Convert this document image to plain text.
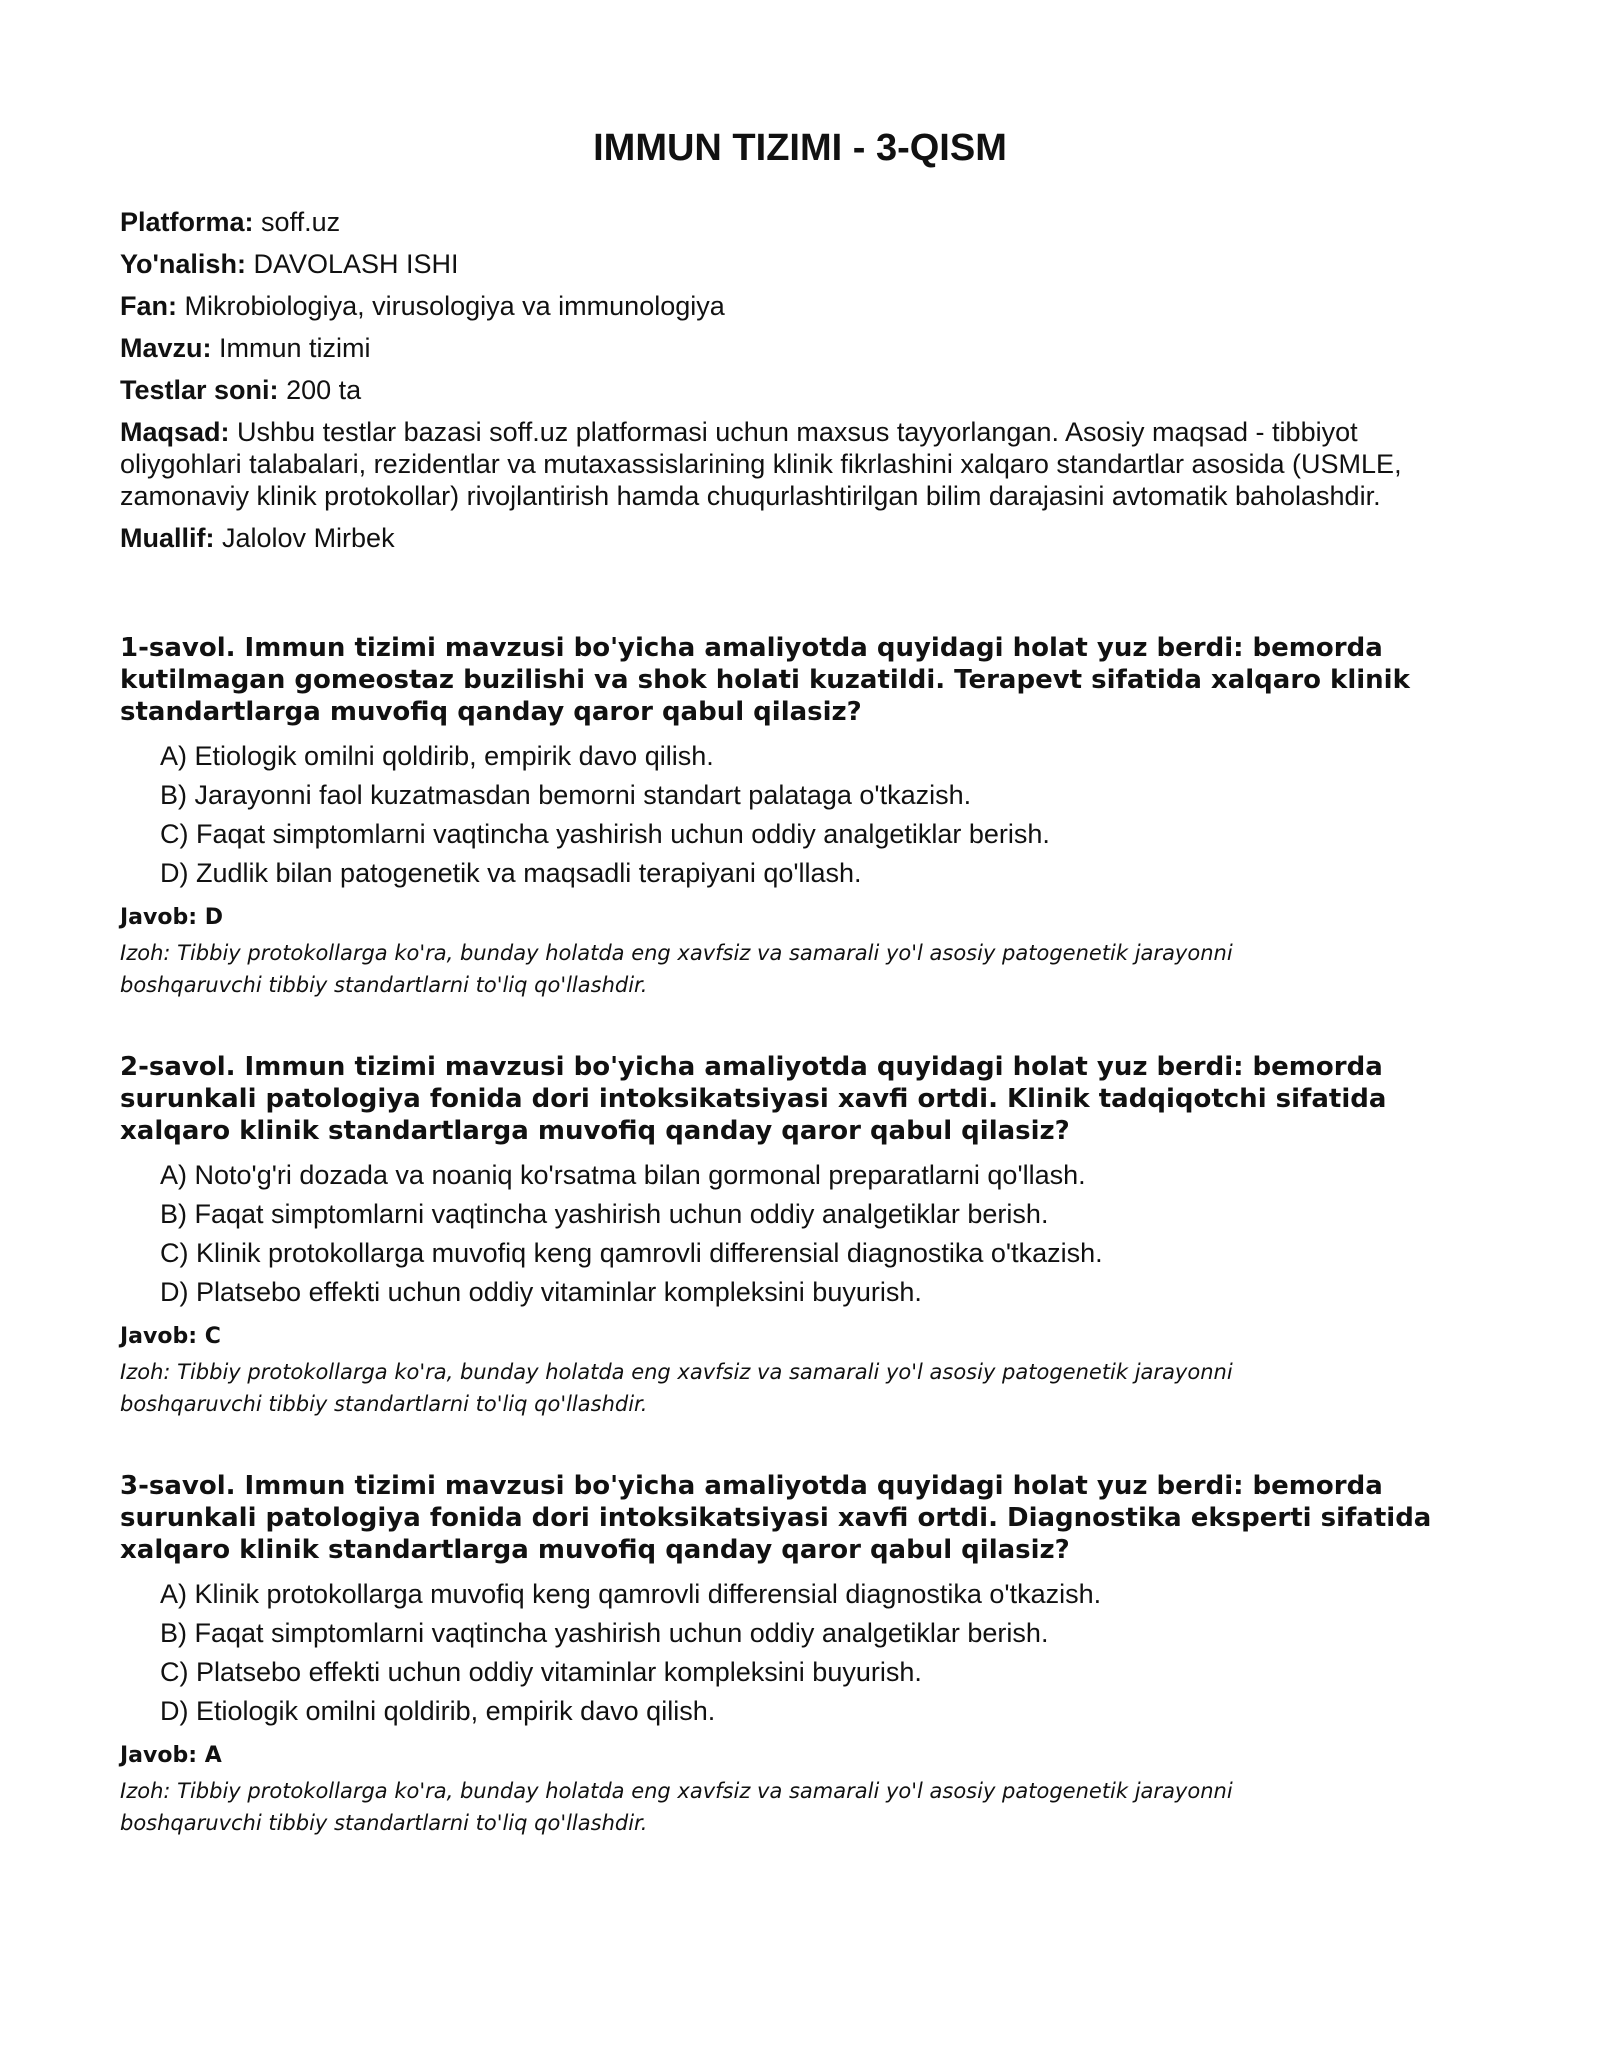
IMMUN TIZIMI - 3-QISM

Platforma: soff.uz

Yo'nalish: DAVOLASH ISHI

Fan: Mikrobiologiya, virusologiya va immunologiya

Mavzu: Immun tizimi

Testlar soni: 200 ta

Maqsad: Ushbu testlar bazasi soff.uz platformasi uchun maxsus tayyorlangan. Asosiy maqsad - tibbiyot oliygohlari talabalari, rezidentlar va mutaxassislarining klinik fikrlashini xalqaro standartlar asosida (USMLE, zamonaviy klinik protokollar) rivojlantirish hamda chuqurlashtirilgan bilim darajasini avtomatik baholashdir.

Muallif: Jalolov Mirbek

1-savol. Immun tizimi mavzusi bo'yicha amaliyotda quyidagi holat yuz berdi: bemorda kutilmagan gomeostaz buzilishi va shok holati kuzatildi. Terapevt sifatida xalqaro klinik standartlarga muvofiq qanday qaror qabul qilasiz?

A) Etiologik omilni qoldirib, empirik davo qilish.

B) Jarayonni faol kuzatmasdan bemorni standart palataga o'tkazish.

C) Faqat simptomlarni vaqtincha yashirish uchun oddiy analgetiklar berish.

D) Zudlik bilan patogenetik va maqsadli terapiyani qo'llash.

Javob: D

Izoh: Tibbiy protokollarga ko'ra, bunday holatda eng xavfsiz va samarali yo'l asosiy patogenetik jarayonni boshqaruvchi tibbiy standartlarni to'liq qo'llashdir.

2-savol. Immun tizimi mavzusi bo'yicha amaliyotda quyidagi holat yuz berdi: bemorda surunkali patologiya fonida dori intoksikatsiyasi xavfi ortdi. Klinik tadqiqotchi sifatida xalqaro klinik standartlarga muvofiq qanday qaror qabul qilasiz?

A) Noto'g'ri dozada va noaniq ko'rsatma bilan gormonal preparatlarni qo'llash.

B) Faqat simptomlarni vaqtincha yashirish uchun oddiy analgetiklar berish.

C) Klinik protokollarga muvofiq keng qamrovli differensial diagnostika o'tkazish.

D) Platsebo effekti uchun oddiy vitaminlar kompleksini buyurish.

Javob: C

Izoh: Tibbiy protokollarga ko'ra, bunday holatda eng xavfsiz va samarali yo'l asosiy patogenetik jarayonni boshqaruvchi tibbiy standartlarni to'liq qo'llashdir.

3-savol. Immun tizimi mavzusi bo'yicha amaliyotda quyidagi holat yuz berdi: bemorda surunkali patologiya fonida dori intoksikatsiyasi xavfi ortdi. Diagnostika eksperti sifatida xalqaro klinik standartlarga muvofiq qanday qaror qabul qilasiz?

A) Klinik protokollarga muvofiq keng qamrovli differensial diagnostika o'tkazish.

B) Faqat simptomlarni vaqtincha yashirish uchun oddiy analgetiklar berish.

C) Platsebo effekti uchun oddiy vitaminlar kompleksini buyurish.

D) Etiologik omilni qoldirib, empirik davo qilish.

Javob: A

Izoh: Tibbiy protokollarga ko'ra, bunday holatda eng xavfsiz va samarali yo'l asosiy patogenetik jarayonni boshqaruvchi tibbiy standartlarni to'liq qo'llashdir.
